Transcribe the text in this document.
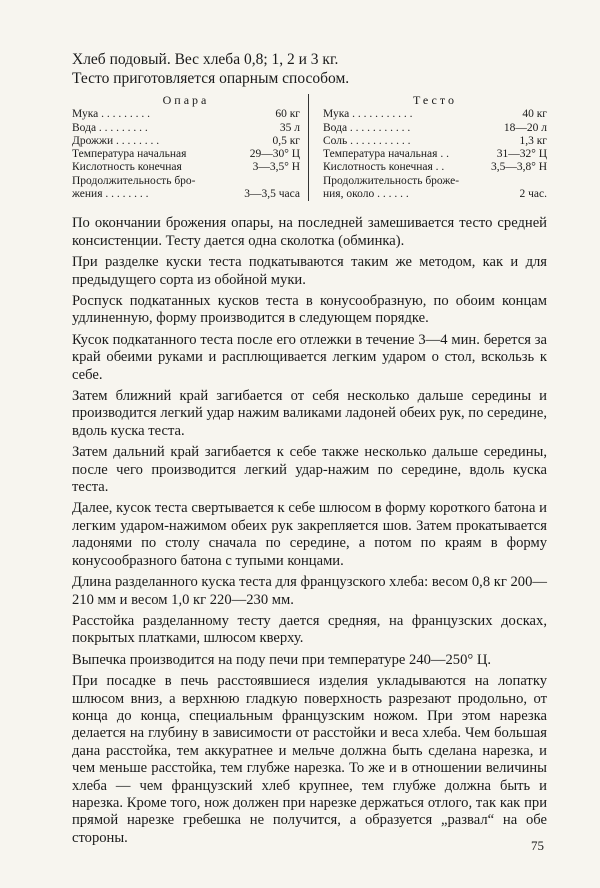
Хлеб подовый. Вес хлеба 0,8; 1, 2 и 3 кг.
Тесто приготовляется опарным способом.
Опара
Мука . . . . . . . . .	60 кг
Вода . . . . . . . . .	35 л
Дрожжи . . . . . . . .	0,5 кг
Температура начальная	29—30° Ц
Кислотность конечная	3—3,5° Н
Продолжительность бро-
жения . . . . . . . .	3—3,5 часа
Тесто
Мука . . . . . . . . . . .	40 кг
Вода . . . . . . . . . . .	18—20 л
Соль . . . . . . . . . . .	1,3 кг
Температура начальная . .	31—32° Ц
Кислотность конечная . .	3,5—3,8° Н
Продолжительность броже-
ния, около . . . . . .	2 час.

По окончании брожения опары, на последней замешивается тесто средней консистенции. Тесту дается одна сколотка (обминка).

При разделке куски теста подкатываются таким же методом, как и для предыдущего сорта из обойной муки.

Роспуск подкатанных кусков теста в конусообразную, по обоим концам удлиненную, форму производится в следующем порядке.

Кусок подкатанного теста после его отлежки в течение 3—4 мин. берется за край обеими руками и расплющивается легким ударом о стол, вскользь к себе.

Затем ближний край загибается от себя несколько дальше середины и производится легкий удар нажим валиками ладоней обеих рук, по середине, вдоль куска теста.

Затем дальний край загибается к себе также несколько дальше середины, после чего производится легкий удар-нажим по середине, вдоль куска теста.

Далее, кусок теста свертывается к себе шлюсом в форму короткого батона и легким ударом-нажимом обеих рук закрепляется шов. Затем прокатывается ладонями по столу сначала по середине, а потом по краям в форму конусообразного батона с тупыми концами.

Длина разделанного куска теста для французского хлеба: весом 0,8 кг 200—210 мм и весом 1,0 кг 220—230 мм.

Расстойка разделанному тесту дается средняя, на французских досках, покрытых платками, шлюсом кверху.

Выпечка производится на поду печи при температуре 240—250° Ц.

При посадке в печь расстоявшиеся изделия укладываются на лопатку шлюсом вниз, а верхнюю гладкую поверхность разрезают продольно, от конца до конца, специальным французским ножом. При этом нарезка делается на глубину в зависимости от расстойки и веса хлеба. Чем большая дана расстойка, тем аккуратнее и мельче должна быть сделана нарезка, и чем меньше расстойка, тем глубже нарезка. То же и в отношении величины хлеба — чем французский хлеб крупнее, тем глубже должна быть и нарезка. Кроме того, нож должен при нарезке держаться отлого, так как при прямой нарезке гребешка не получится, а образуется „развал“ на обе стороны.	75
